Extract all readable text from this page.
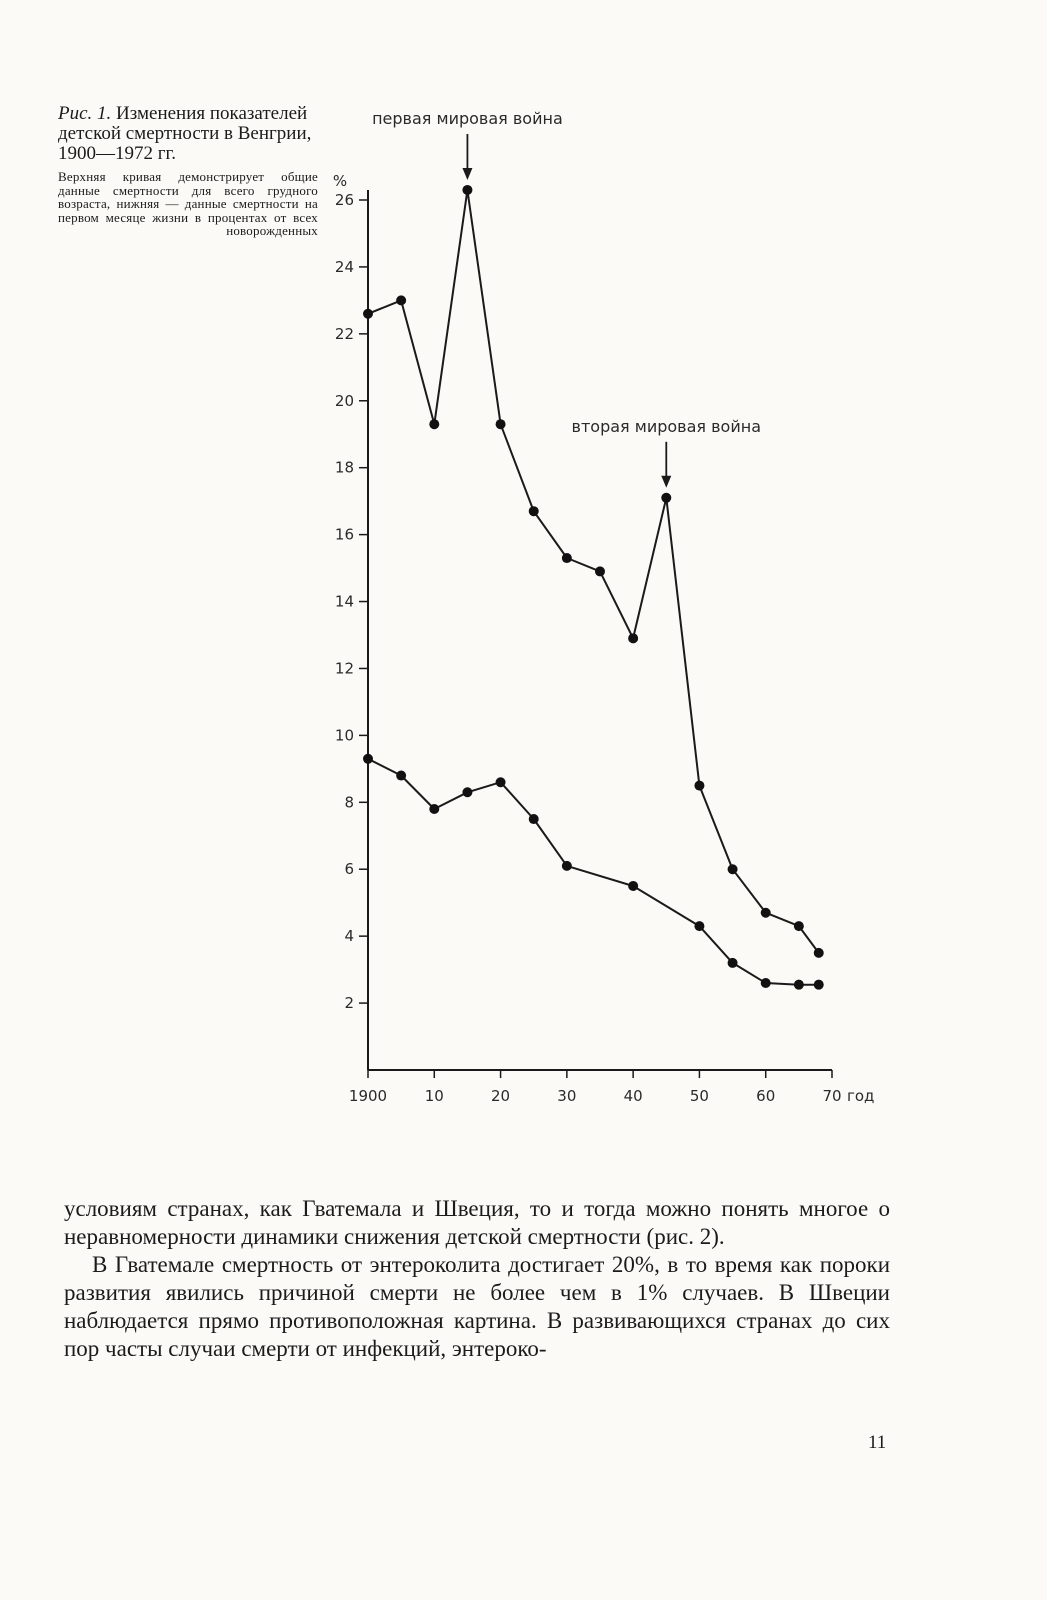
Рис. 1. Изменения показателей детской смертности в Венгрии, 1900—1972 гг.

Верхняя кривая демонстрирует общие данные смертности для всего грудного возраста, нижняя — данные смертности на первом месяце жизни в процентах от всех новорожденных
2
4
6
8
10
12
14
16
18
20
22
24
26
%
1900	10	20	30	40	50	60	70 год
первая мировая война
вторая мировая война

условиям странах, как Гватемала и Швеция, то и тогда можно понять многое о неравномерности динамики снижения детской смертности (рис. 2).

В Гватемале смертность от энтероколита достигает 20%, в то время как пороки развития явились причиной смерти не более чем в 1% случаев. В Швеции наблюдается прямо противоположная картина. В развивающихся странах до сих пор часты случаи смерти от инфекций, энтероко-

11
